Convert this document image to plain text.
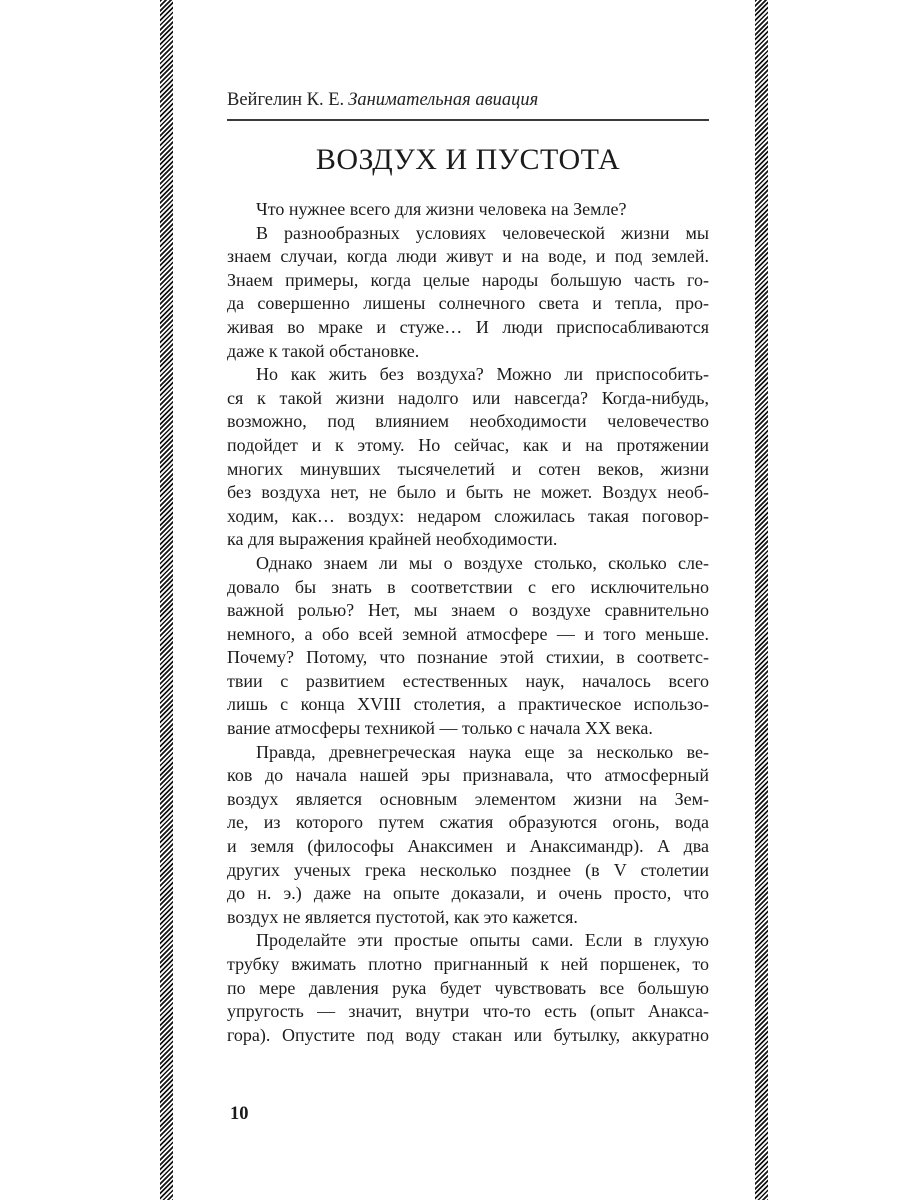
Вейгелин К. Е. Занимательная авиация
ВОЗДУХ И ПУСТОТА
Что нужнее всего для жизни человека на Земле?
В разнообразных условиях человеческой жизни мы
знаем случаи, когда люди живут и на воде, и под землей.
Знаем примеры, когда целые народы большую часть го-
да совершенно лишены солнечного света и тепла, про-
живая во мраке и стуже… И люди приспосабливаются
даже к такой обстановке.
Но как жить без воздуха? Можно ли приспособить-
ся к такой жизни надолго или навсегда? Когда-нибудь,
возможно, под влиянием необходимости человечество
подойдет и к этому. Но сейчас, как и на протяжении
многих минувших тысячелетий и сотен веков, жизни
без воздуха нет, не было и быть не может. Воздух необ-
ходим, как… воздух: недаром сложилась такая поговор-
ка для выражения крайней необходимости.
Однако знаем ли мы о воздухе столько, сколько сле-
довало бы знать в соответствии с его исключительно
важной ролью? Нет, мы знаем о воздухе сравнительно
немного, а обо всей земной атмосфере — и того меньше.
Почему? Потому, что познание этой стихии, в соответс-
твии с развитием естественных наук, началось всего
лишь с конца XVIII столетия, а практическое использо-
вание атмосферы техникой — только с начала XX века.
Правда, древнегреческая наука еще за несколько ве-
ков до начала нашей эры признавала, что атмосферный
воздух является основным элементом жизни на Зем-
ле, из которого путем сжатия образуются огонь, вода
и земля (философы Анаксимен и Анаксимандр). А два
других ученых грека несколько позднее (в V столетии
до н. э.) даже на опыте доказали, и очень просто, что
воздух не является пустотой, как это кажется.
Проделайте эти простые опыты сами. Если в глухую
трубку вжимать плотно пригнанный к ней поршенек, то
по мере давления рука будет чувствовать все большую
упругость — значит, внутри что-то есть (опыт Анакса-
гора). Опустите под воду стакан или бутылку, аккуратно
10
